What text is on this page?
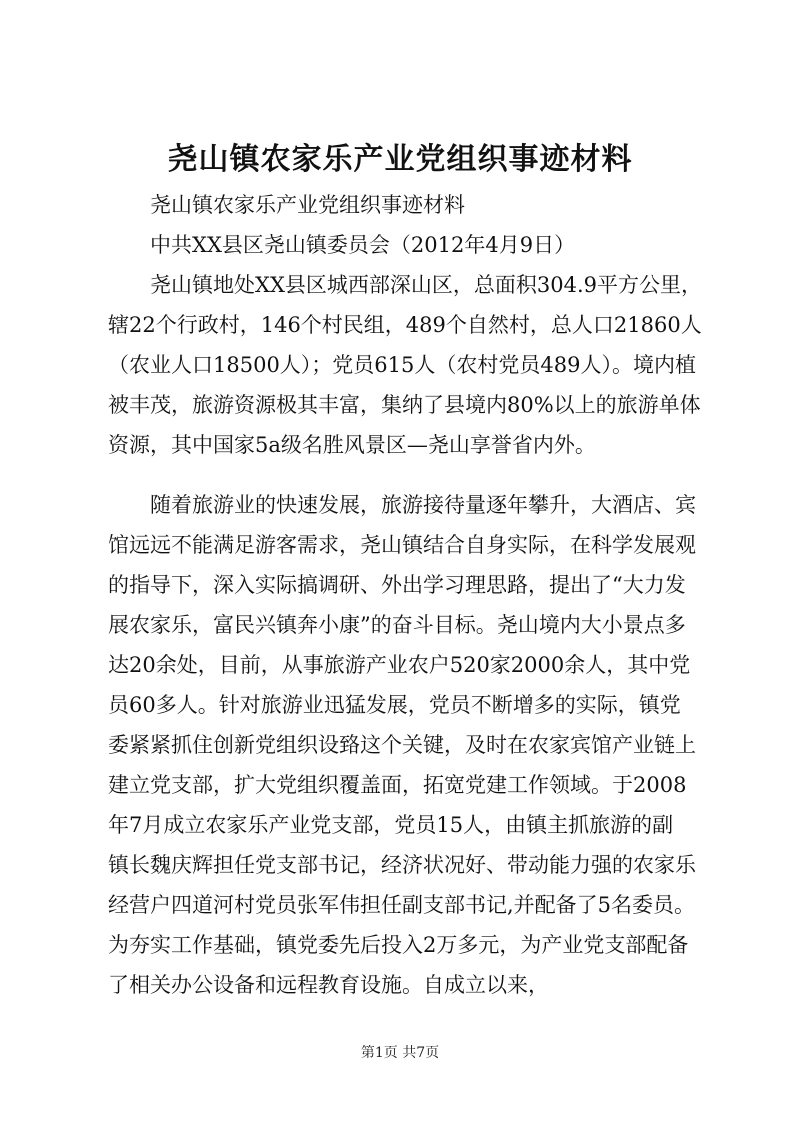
尧山镇农家乐产业党组织事迹材料
尧山镇农家乐产业党组织事迹材料
中共XX县区尧山镇委员会（2012年4月9日）
尧山镇地处XX县区城西部深山区，总面积304.9平方公里，
辖22个行政村，146个村民组，489个自然村，总人口21860人
（农业人口18500人）；党员615人（农村党员489人）。境内植
被丰茂，旅游资源极其丰富，集纳了县境内80%以上的旅游单体
资源，其中国家5a级名胜风景区—尧山享誉省内外。
随着旅游业的快速发展，旅游接待量逐年攀升，大酒店、宾
馆远远不能满足游客需求，尧山镇结合自身实际，在科学发展观
的指导下，深入实际搞调研、外出学习理思路，提出了“大力发
展农家乐，富民兴镇奔小康”的奋斗目标。尧山境内大小景点多
达20余处，目前，从事旅游产业农户520家2000余人，其中党
员60多人。针对旅游业迅猛发展，党员不断增多的实际，镇党
委紧紧抓住创新党组织设臵这个关键，及时在农家宾馆产业链上
建立党支部，扩大党组织覆盖面，拓宽党建工作领域。于2008
年7月成立农家乐产业党支部，党员15人，由镇主抓旅游的副
镇长魏庆辉担任党支部书记，经济状况好、带动能力强的农家乐
经营户四道河村党员张军伟担任副支部书记,并配备了5名委员。
为夯实工作基础，镇党委先后投入2万多元，为产业党支部配备
了相关办公设备和远程教育设施。自成立以来，
第1页 共7页
